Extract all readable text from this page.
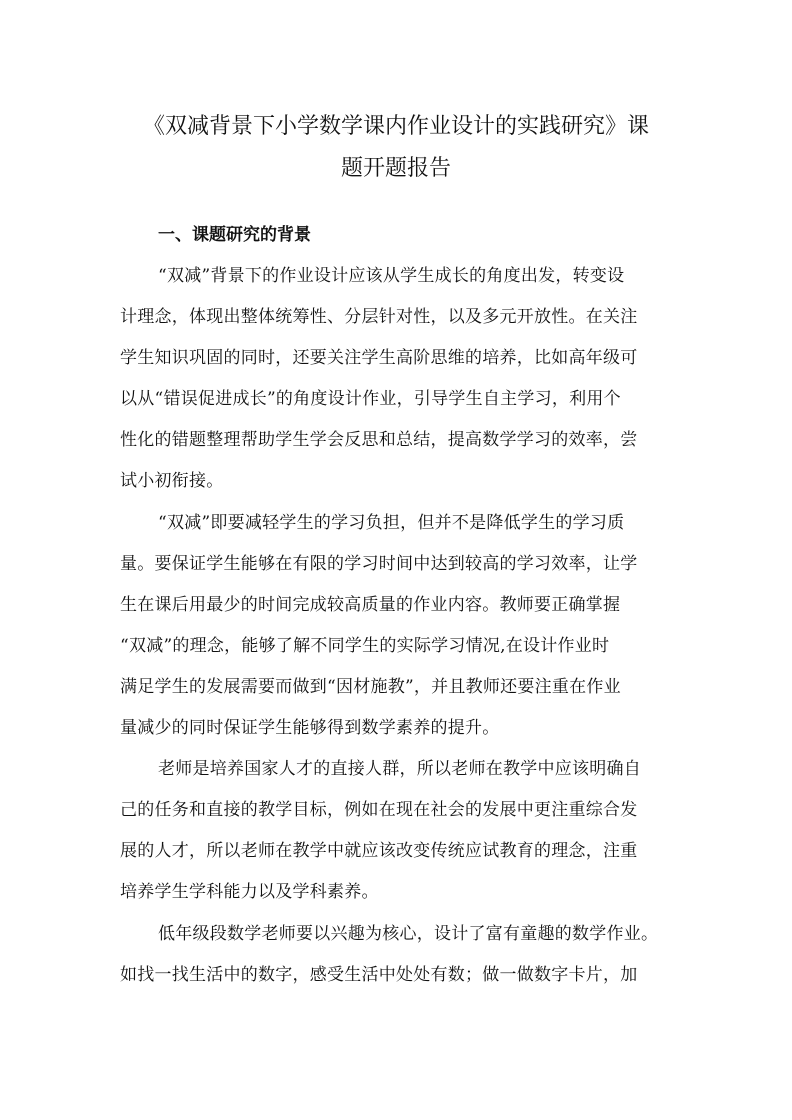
《双减背景下小学数学课内作业设计的实践研究》课
题开题报告
一、课题研究的背景

“双减”背景下的作业设计应该从学生成长的角度出发，转变设
计理念，体现出整体统筹性、分层针对性，以及多元开放性。在关注
学生知识巩固的同时，还要关注学生高阶思维的培养，比如高年级可
以从“错误促进成长”的角度设计作业，引导学生自主学习，利用个
性化的错题整理帮助学生学会反思和总结，提高数学学习的效率，尝
试小初衔接。

“双减”即要减轻学生的学习负担，但并不是降低学生的学习质
量。要保证学生能够在有限的学习时间中达到较高的学习效率，让学
生在课后用最少的时间完成较高质量的作业内容。教师要正确掌握
“双减”的理念，能够了解不同学生的实际学习情况,在设计作业时
满足学生的发展需要而做到“因材施教”，并且教师还要注重在作业
量减少的同时保证学生能够得到数学素养的提升。

老师是培养国家人才的直接人群，所以老师在教学中应该明确自
己的任务和直接的教学目标，例如在现在社会的发展中更注重综合发
展的人才，所以老师在教学中就应该改变传统应试教育的理念，注重
培养学生学科能力以及学科素养。

低年级段数学老师要以兴趣为核心，设计了富有童趣的数学作业。
如找一找生活中的数字，感受生活中处处有数；做一做数字卡片，加
